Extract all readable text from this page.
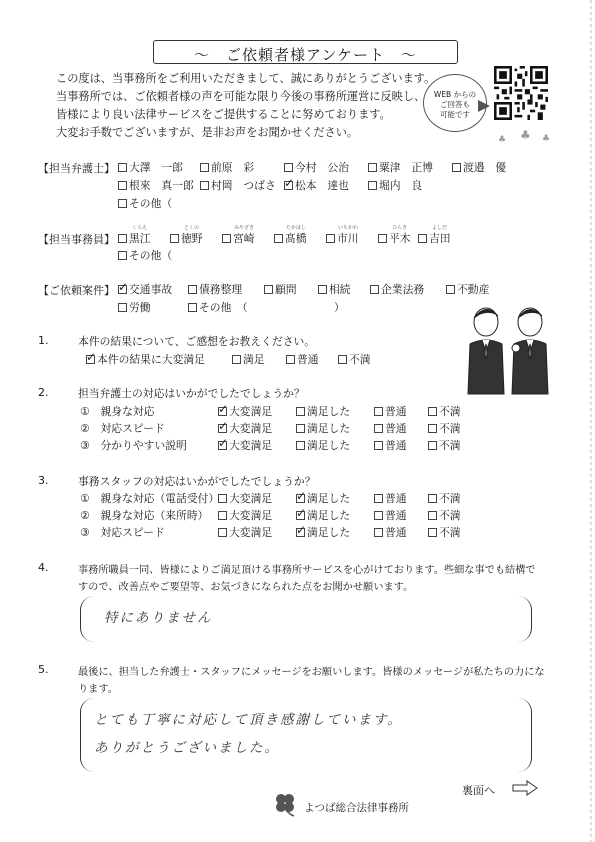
〜　ご依頼者様アンケート　〜
この度は、当事務所をご利用いただきまして、誠にありがとうございます。
当事務所では、ご依頼者様の声を可能な限り今後の事務所運営に反映し、
皆様により良い法律サービスをご提供することに努めております。
大変お手数でございますが、是非お声をお聞かせください。
WEB からの
ご回答も
可能です
♣
♣	♣
【担当弁護士】	大澤　一郎	前原　彩	今村　公治	粟津　正博	渡邉　優
根來　真一郎	村岡　つばさ ✓	松本　達也	堀内　良
その他（
【担当事務員】	黒江	徳野	宮崎	髙橋	市川	平木	吉田
くろえ	とくの	みやざき	たかはし	いちかわ	ひらき	よしだ
その他（
【ご依頼案件】 ✓	交通事故	債務整理	顧問	相続	企業法務	不動産
労働	その他　（	）
1.	本件の結果について、ご感想をお教えください。
✓本件の結果に大変満足	満足	普通	不満
2.	担当弁護士の対応はいかがでしたでしょうか？
①　親身な対応 ✓	大変満足	満足した	普通	不満
②　対応スピード ✓	大変満足	満足した	普通	不満
③　分かりやすい説明 ✓	大変満足	満足した	普通	不満
3.	事務スタッフの対応はいかがでしたでしょうか？
①　親身な対応（電話受付） 大変満足 ✓	満足した	普通	不満
②　親身な対応（来所時）	大変満足 ✓	満足した	普通	不満
③　対応スピード	大変満足 ✓	満足した	普通	不満
4.	事務所職員一同、皆様によりご満足頂ける事務所サービスを心がけております。些細な事でも結構で
すので、改善点やご要望等、お気づきになられた点をお聞かせ願います。
特にありません
5.	最後に、担当した弁護士・スタッフにメッセージをお願いします。皆様のメッセージが私たちの力にな
ります。
とても丁寧に対応して頂き感謝しています。
ありがとうございました。
裏面へ
よつば総合法律事務所
